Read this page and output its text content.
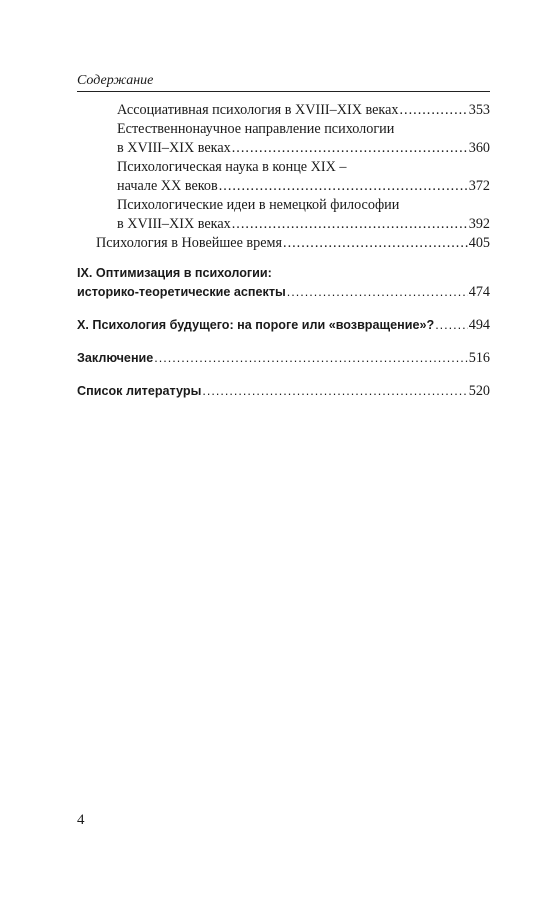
Содержание
Ассоциативная психология в XVIII–XIX веках .....	353
Естественнонаучное направление психологии
в XVIII–XIX веках .....	360
Психологическая наука в конце XIX –
начале XX веков .....	372
Психологические идеи в немецкой философии
в XVIII–XIX веках .....	392
Психология в Новейшее время .....	405
IX. Оптимизация в психологии:
историко-теоретические аспекты .....	474
X. Психология будущего: на пороге или «возвращение»? ..... 494
Заключение .....	516
Список литературы .....	520
4
